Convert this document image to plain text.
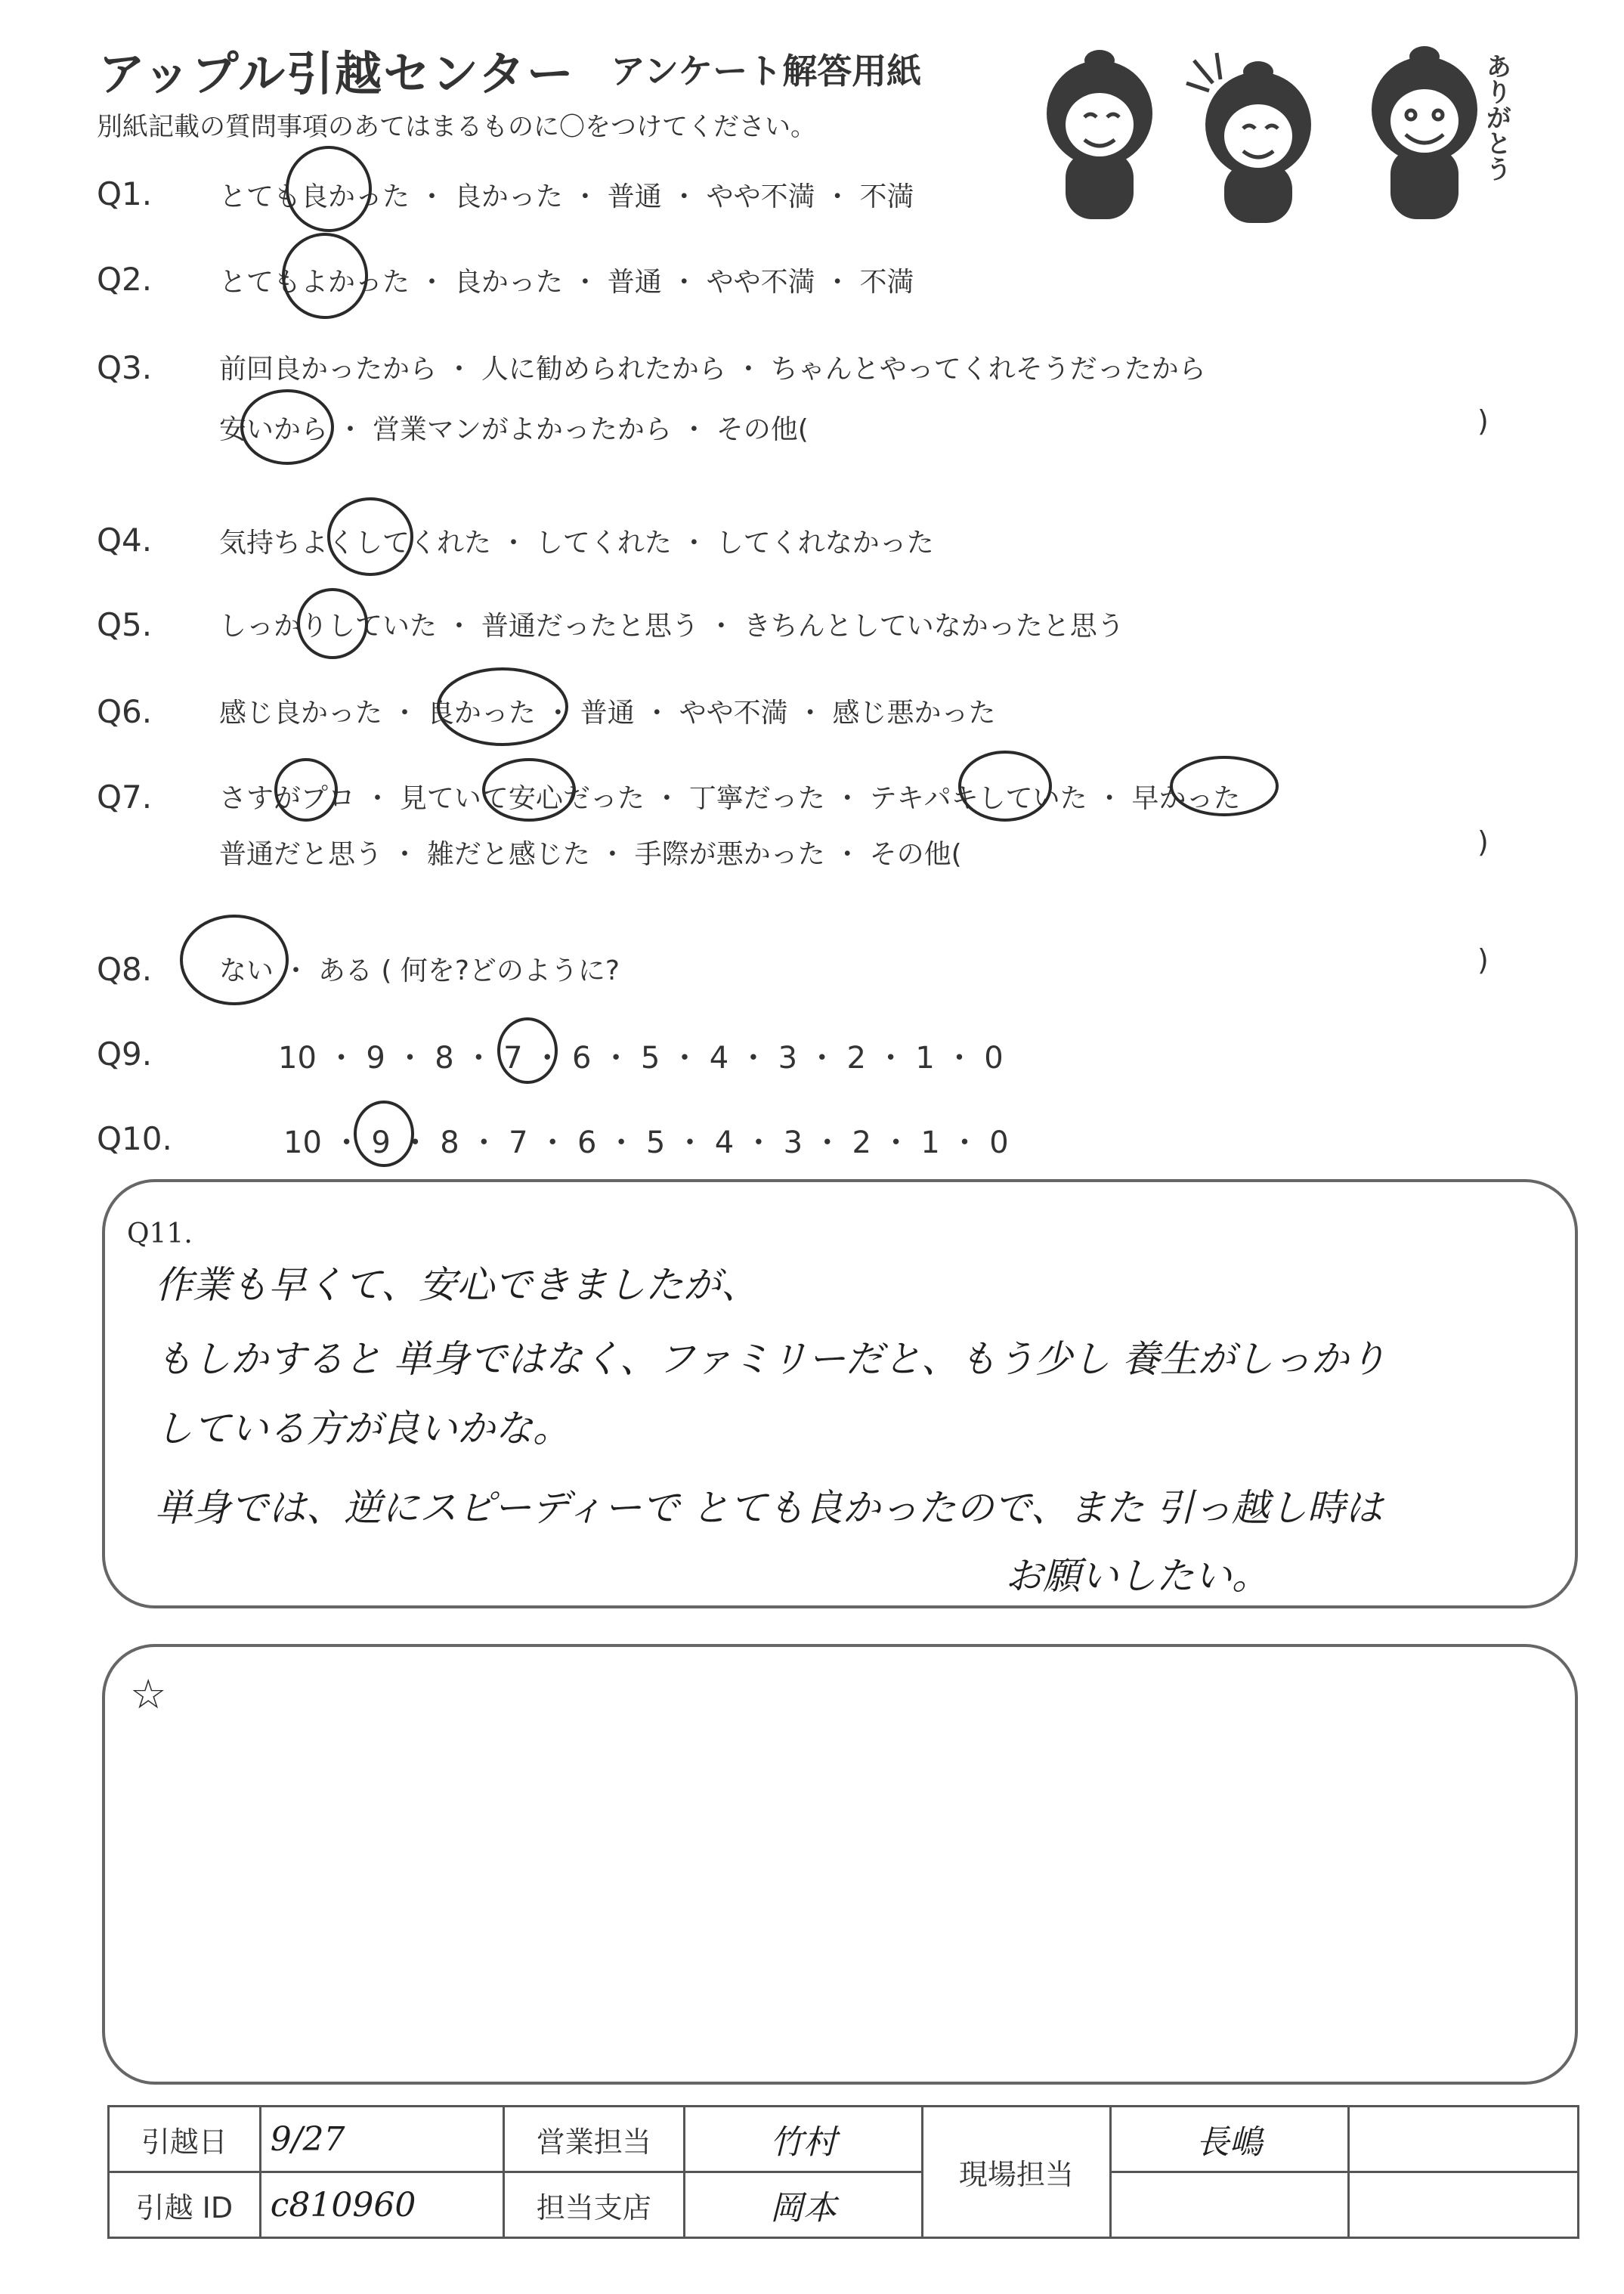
アップル引越センター アンケート解答用紙
別紙記載の質問事項のあてはまるものに〇をつけてください。	ありがとう
Q1. とても良かった ・ 良かった ・ 普通 ・ やや不満 ・ 不満
Q2. とてもよかった ・ 良かった ・ 普通 ・ やや不満 ・ 不満
Q3. 前回良かったから ・ 人に勧められたから ・ ちゃんとやってくれそうだったから
安いから ・ 営業マンがよかったから ・ その他(	)
Q4. 気持ちよくしてくれた ・ してくれた ・ してくれなかった
Q5. しっかりしていた ・ 普通だったと思う ・ きちんとしていなかったと思う
Q6. 感じ良かった ・ 良かった ・ 普通 ・ やや不満 ・ 感じ悪かった
Q7. さすがプロ ・ 見ていて安心だった ・ 丁寧だった ・ テキパキしていた ・ 早かった
普通だと思う ・ 雑だと感じた ・ 手際が悪かった ・ その他(	)
Q8. ない ・ ある ( 何を?どのように?	)
Q9.	10 ・ 9 ・ 8 ・ 7 ・ 6 ・ 5 ・ 4 ・ 3 ・ 2 ・ 1 ・ 0
Q10.	10 ・ 9 ・ 8 ・ 7 ・ 6 ・ 5 ・ 4 ・ 3 ・ 2 ・ 1 ・ 0
Q11.
作業も早くて、安心できましたが、
もしかすると 単身ではなく、ファミリーだと、もう少し 養生がしっかり
している方が良いかな。
単身では、逆にスピーディーで とても良かったので、また 引っ越し時は
お願いしたい。
☆
引越日	9/27	営業担当	竹村	現場担当	長嶋	
引越 ID	c810960	担当支店	岡本			
